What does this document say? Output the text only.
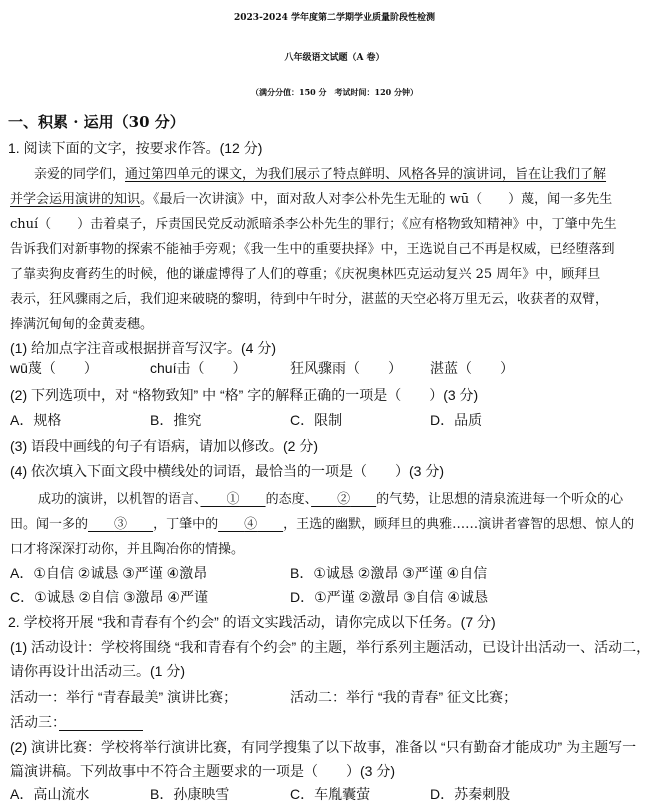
2023-2024 学年度第二学期学业质量阶段性检测
八年级语文试题（A 卷）
（满分分值：150 分　考试时间：120 分钟）
一、积累 · 运用（30 分）
1. 阅读下面的文字，按要求作答。(12 分)
亲爱的同学们，通过第四单元的课文，为我们展示了特点鲜明、风格各异的演讲词，旨在让我们了解
并学会运用演讲的知识。《最后一次讲演》中，面对敌人对李公朴先生无耻的 wū（　　）蔑，闻一多先生
chuí（　　）击着桌子，斥责国民党反动派暗杀李公朴先生的罪行；《应有格物致知精神》中，丁肇中先生
告诉我们对新事物的探索不能袖手旁观；《我一生中的重要抉择》中，王选说自己不再是权威，已经堕落到
了靠卖狗皮膏药生的时候，他的谦虚博得了人们的尊重；《庆祝奥林匹克运动复兴 25 周年》中，顾拜旦
表示，狂风骤雨之后，我们迎来破晓的黎明，待到中午时分，湛蓝的天空必将万里无云，收获者的双臂，
捧满沉甸甸的金黄麦穗。
(1) 给加点字注音或根据拼音写汉字。(4 分)
wū蔑（　　）	chuí击（　　）	狂风骤雨（　　） 湛蓝（　　）
(2) 下列选项中，对 “格物致知” 中 “格” 字的解释正确的一项是（　　）(3 分)
A．规格	B．推究	C．限制	D．品质
(3) 语段中画线的句子有语病，请加以修改。(2 分)
(4) 依次填入下面文段中横线处的词语，最恰当的一项是（　　）(3 分)
成功的演讲，以机智的语言、　　 ①　　 的态度、　　 ②　　 的气势，让思想的清泉流进每一个听众的心
田。闻一多的　　 ③　　 ，丁肇中的　　 ④　　 ，王选的幽默，顾拜旦的典雅……演讲者睿智的思想、惊人的
口才将深深打动你，并且陶冶你的情操。
A．①自信 ②诚恳 ③严谨 ④激昂	B．①诚恳 ②激昂 ③严谨 ④自信
C．①诚恳 ②自信 ③激昂 ④严谨	D．①严谨 ②激昂 ③自信 ④诚恳
2. 学校将开展 “我和青春有个约会” 的语文实践活动，请你完成以下任务。(7 分)
(1) 活动设计：学校将围绕 “我和青春有个约会” 的主题，举行系列主题活动，已设计出活动一、活动二，
请你再设计出活动三。(1 分)
活动一：举行 “青春最美” 演讲比赛；	活动二：举行 “我的青春” 征文比赛；
活动三：　　　　　　
(2) 演讲比赛：学校将举行演讲比赛，有同学搜集了以下故事，准备以 “只有勤奋才能成功” 为主题写一
篇演讲稿。下列故事中不符合主题要求的一项是（　　）(3 分)
A．高山流水	B．孙康映雪	C．车胤囊萤	D．苏秦刺股
